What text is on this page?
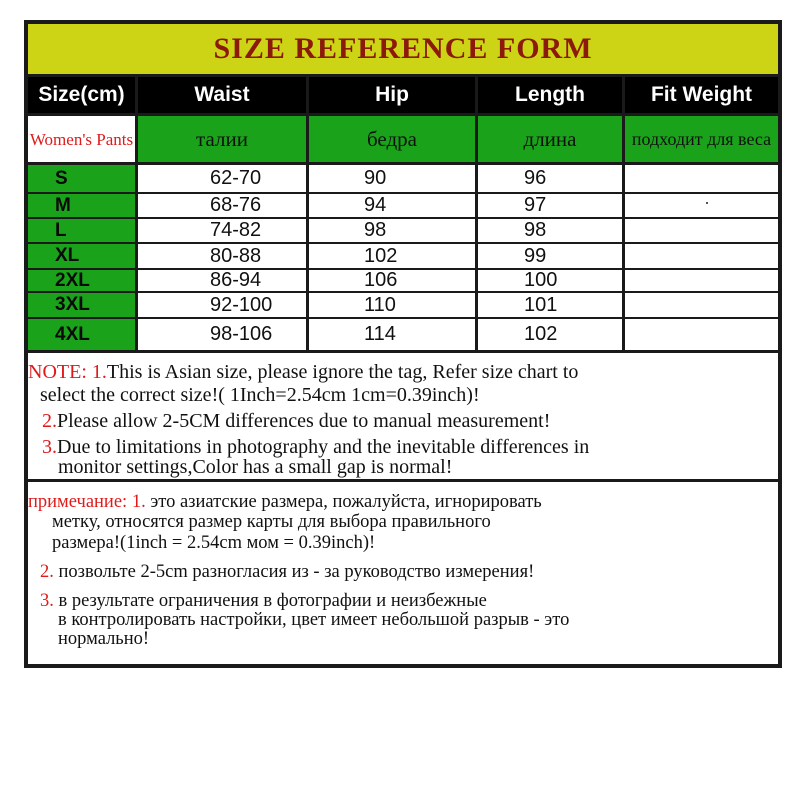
SIZE REFERENCE FORM
Size(cm)	Waist	Hip	Length	Fit Weight
Women's Pants	талии	бедра	длина	подходит для веса
S	62-70	90	96
M	68-76	94	97
L	74-82	98	98
XL	80-88	102	99
2XL	86-94	106	100
3XL	92-100	110	101
4XL	98-106	114	102
NOTE: 1.This is Asian size, please ignore the tag, Refer size chart to
select the correct size!( 1Inch=2.54cm 1cm=0.39inch)!
2.Please allow 2-5CM differences due to manual measurement!
3.Due to limitations in photography and the inevitable differences in
monitor settings,Color has a small gap is normal!
примечание: 1. это азиатские размера, пожалуйста, игнорировать
метку, относятся размер карты для выбора правильного
размера!(1inch = 2.54cm мом = 0.39inch)!
2. позвольте 2-5cm разногласия из - за руководство измерения!
3. в результате ограничения в фотографии и неизбежные
в контролировать настройки, цвет имеет небольшой разрыв - это
нормально!
